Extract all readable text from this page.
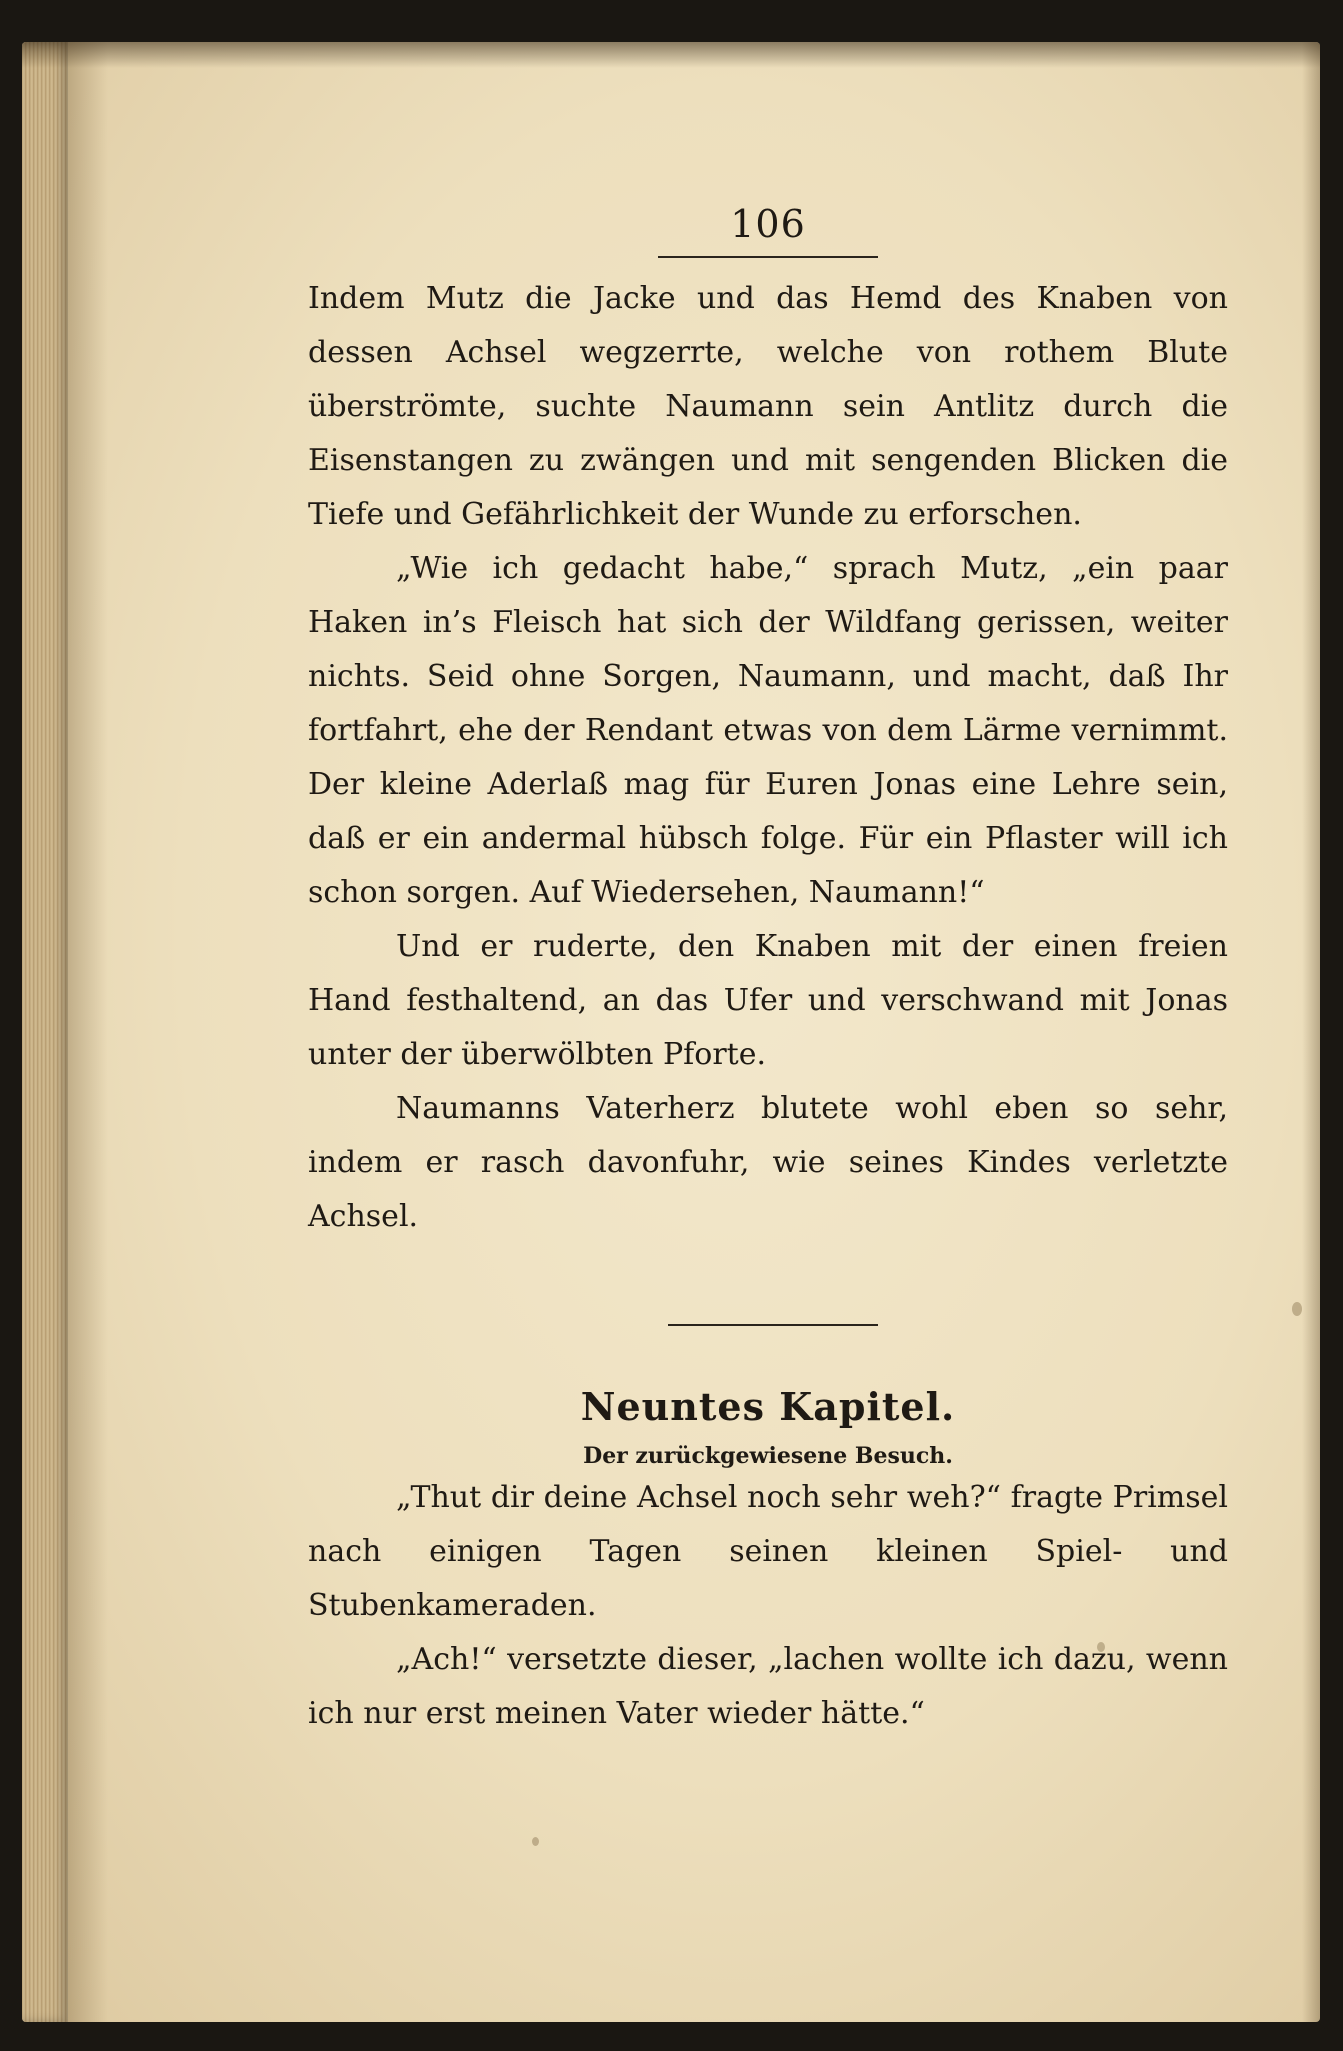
106

Indem Mutz die Jacke und das Hemd des Knaben von dessen Achsel wegzerrte, welche von rothem Blute überströmte, suchte Naumann sein Antlitz durch die Eisenstangen zu zwängen und mit sengenden Blicken die Tiefe und Gefährlichkeit der Wunde zu erforschen.

„Wie ich gedacht habe,“ sprach Mutz, „ein paar Haken in’s Fleisch hat sich der Wildfang gerissen, weiter nichts. Seid ohne Sorgen, Naumann, und macht, daß Ihr fortfahrt, ehe der Rendant etwas von dem Lärme vernimmt. Der kleine Aderlaß mag für Euren Jonas eine Lehre sein, daß er ein andermal hübsch folge. Für ein Pflaster will ich schon sorgen. Auf Wiedersehen, Naumann!“

Und er ruderte, den Knaben mit der einen freien Hand festhaltend, an das Ufer und verschwand mit Jonas unter der überwölbten Pforte.

Naumanns Vaterherz blutete wohl eben so sehr, indem er rasch davonfuhr, wie seines Kindes verletzte Achsel.

Neuntes Kapitel.
Der zurückgewiesene Besuch.

„Thut dir deine Achsel noch sehr weh?“ fragte Primsel nach einigen Tagen seinen kleinen Spiel- und Stubenkameraden.

„Ach!“ versetzte dieser, „lachen wollte ich dazu, wenn ich nur erst meinen Vater wieder hätte.“
